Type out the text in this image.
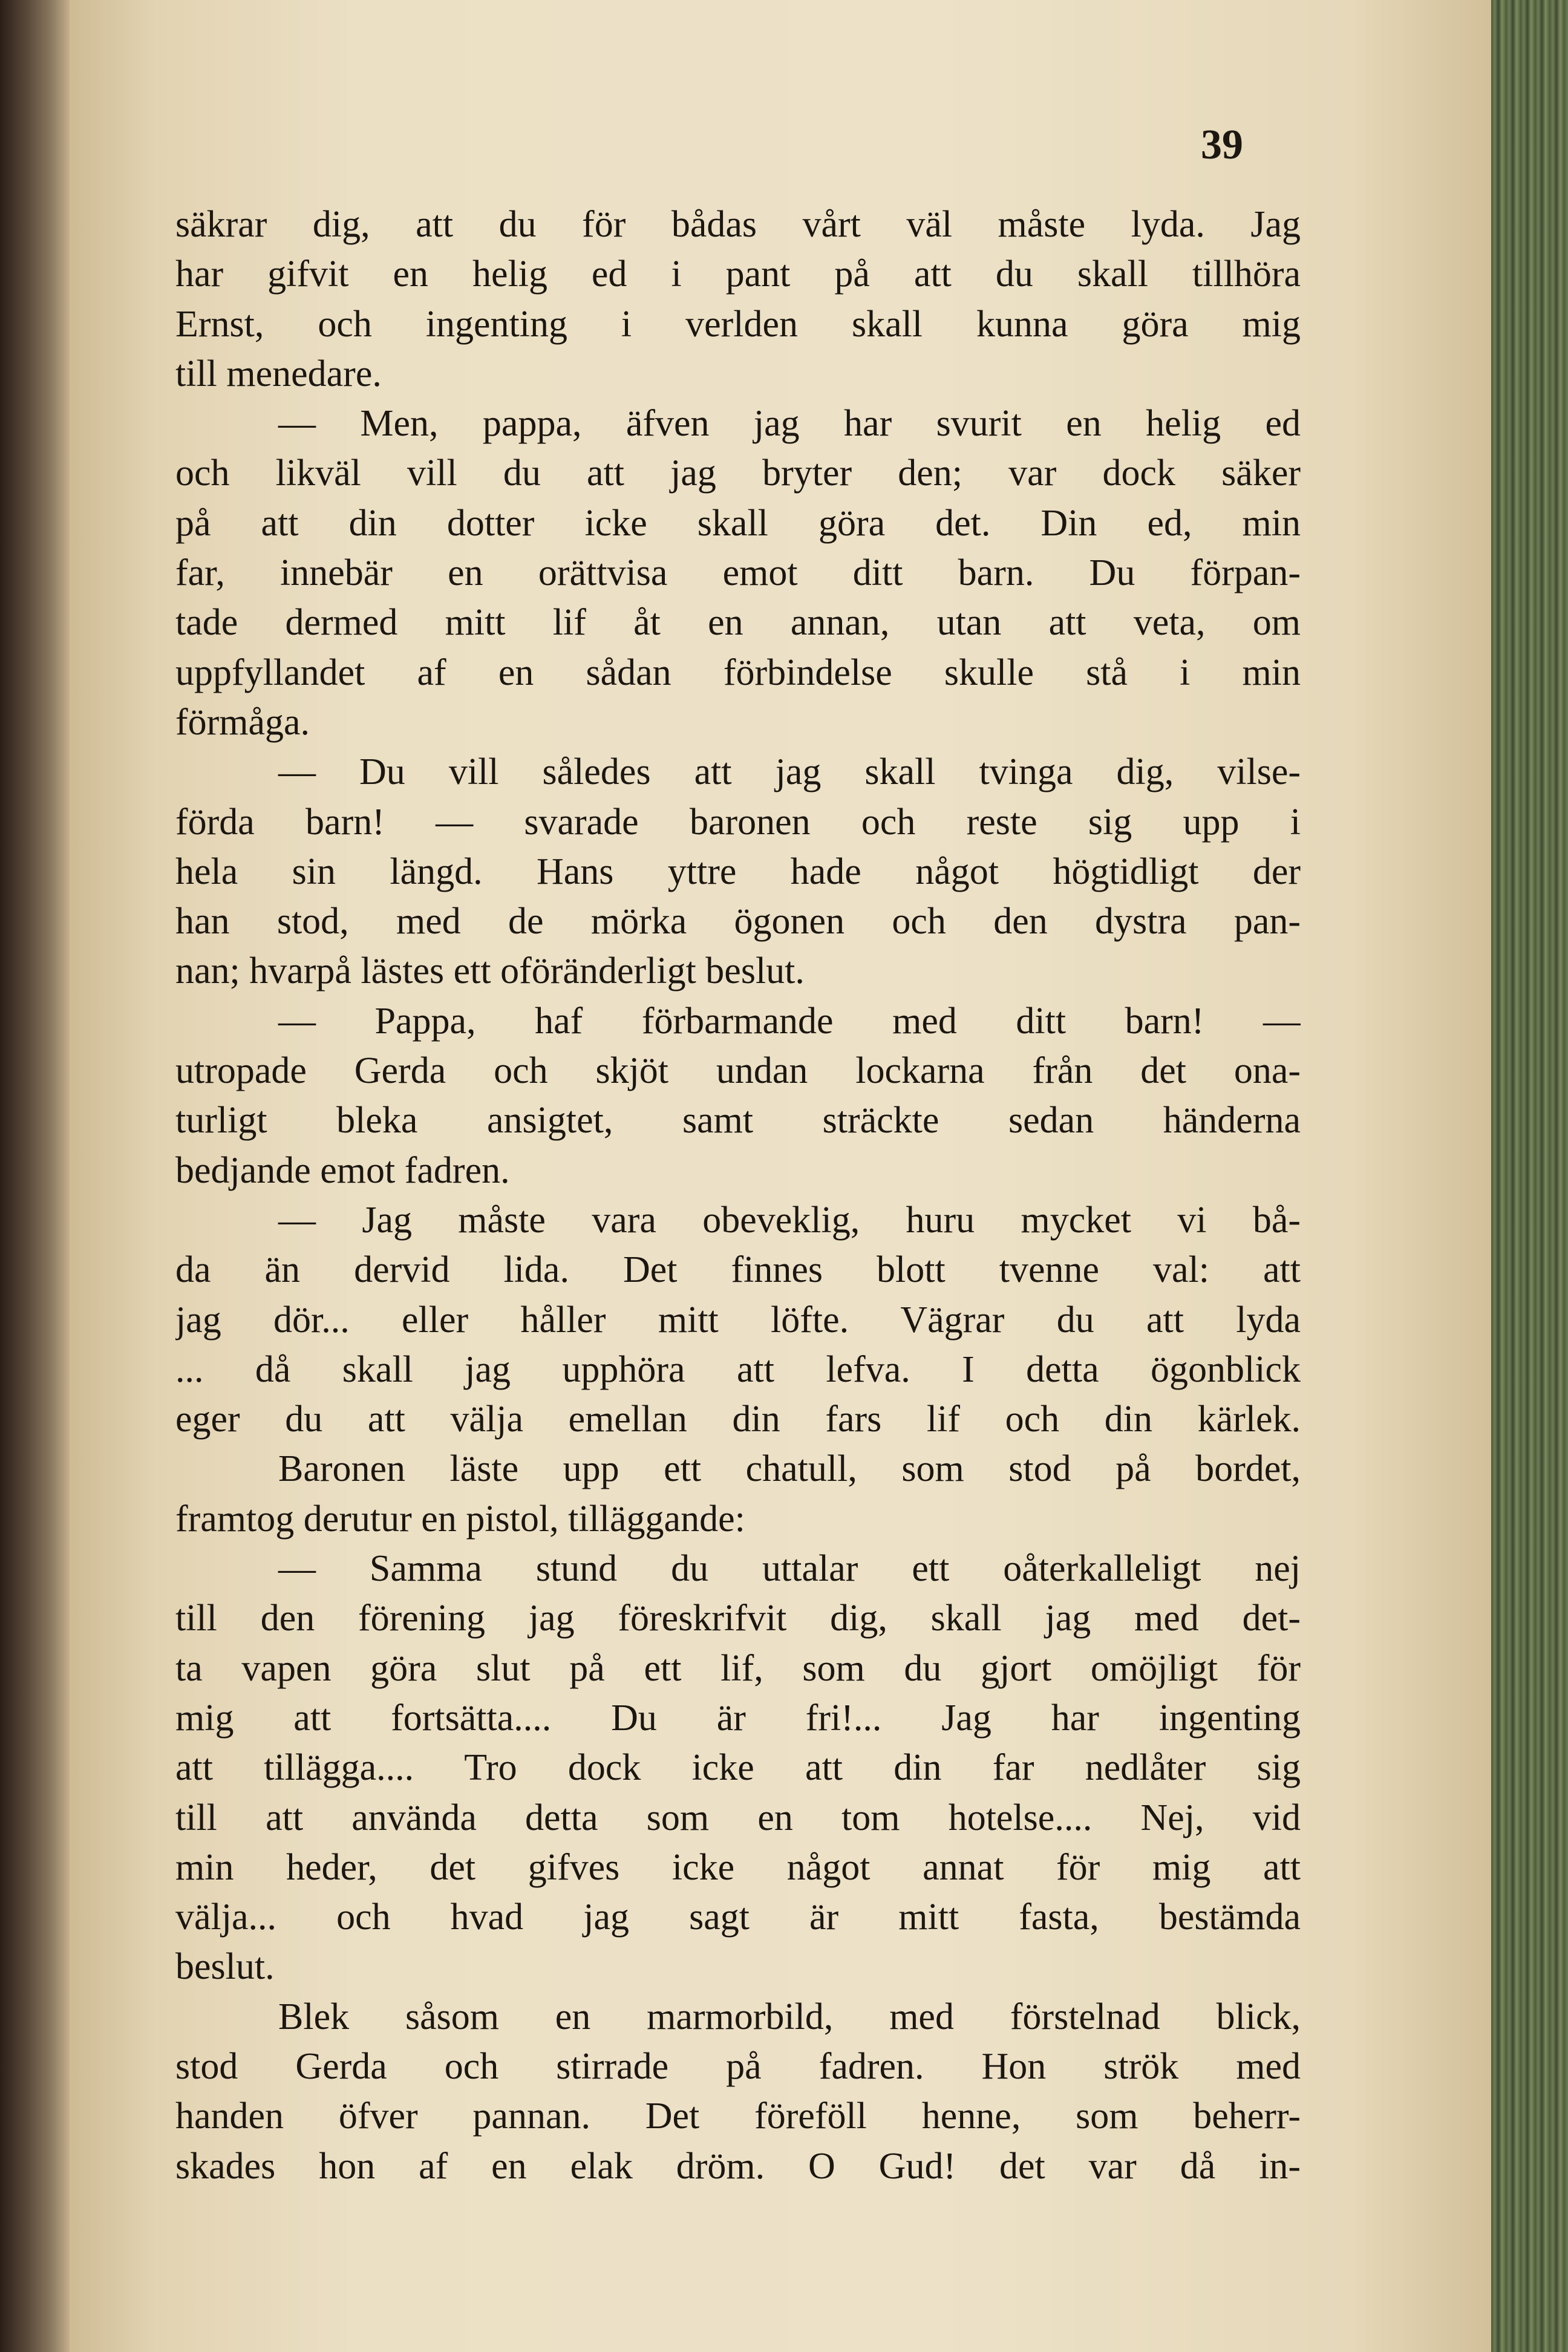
39
säkrar dig, att du för bådas vårt väl måste lyda. Jag
har gifvit en helig ed i pant på att du skall tillhöra
Ernst, och ingenting i verlden skall kunna göra mig
till menedare.
— Men, pappa, äfven jag har svurit en helig ed
och likväl vill du att jag bryter den; var dock säker
på att din dotter icke skall göra det. Din ed, min
far, innebär en orättvisa emot ditt barn. Du förpan-
tade dermed mitt lif åt en annan, utan att veta, om
uppfyllandet af en sådan förbindelse skulle stå i min
förmåga.
— Du vill således att jag skall tvinga dig, vilse-
förda barn! — svarade baronen och reste sig upp i
hela sin längd. Hans yttre hade något högtidligt der
han stod, med de mörka ögonen och den dystra pan-
nan; hvarpå lästes ett oföränderligt beslut.
— Pappa, haf förbarmande med ditt barn! —
utropade Gerda och skjöt undan lockarna från det ona-
turligt bleka ansigtet, samt sträckte sedan händerna
bedjande emot fadren.
— Jag måste vara obeveklig, huru mycket vi bå-
da än dervid lida. Det finnes blott tvenne val: att
jag dör... eller håller mitt löfte. Vägrar du att lyda
... då skall jag upphöra att lefva. I detta ögonblick
eger du att välja emellan din fars lif och din kärlek.
Baronen läste upp ett chatull, som stod på bordet,
framtog derutur en pistol, tilläggande:
— Samma stund du uttalar ett oåterkalleligt nej
till den förening jag föreskrifvit dig, skall jag med det-
ta vapen göra slut på ett lif, som du gjort omöjligt för
mig att fortsätta.... Du är fri!... Jag har ingenting
att tillägga.... Tro dock icke att din far nedlåter sig
till att använda detta som en tom hotelse.... Nej, vid
min heder, det gifves icke något annat för mig att
välja... och hvad jag sagt är mitt fasta, bestämda
beslut.
Blek såsom en marmorbild, med förstelnad blick,
stod Gerda och stirrade på fadren. Hon strök med
handen öfver pannan. Det föreföll henne, som beherr-
skades hon af en elak dröm. O Gud! det var då in-
